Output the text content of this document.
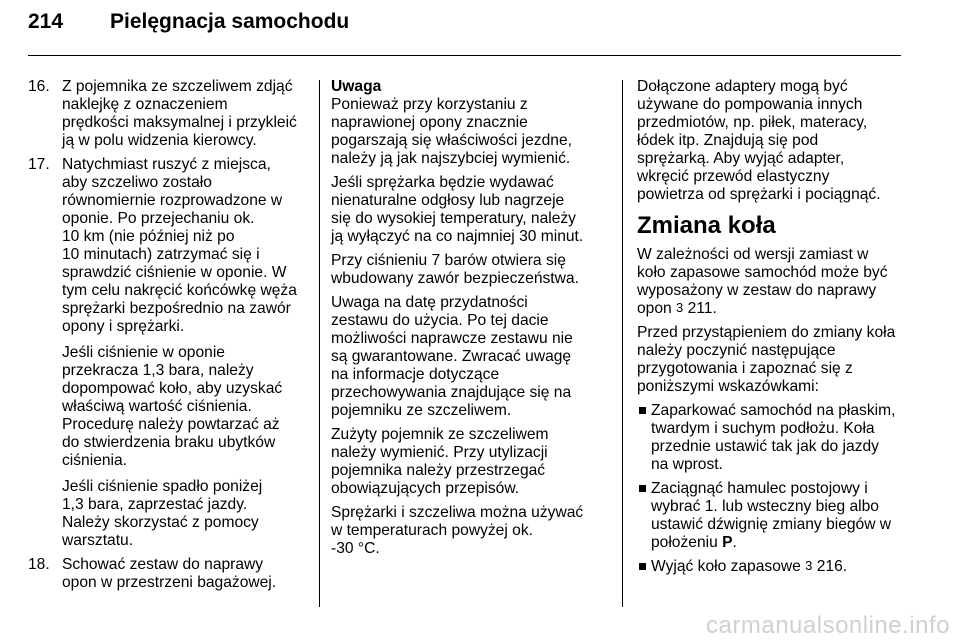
214 Pielęgnacja samochodu
16. Z pojemnika ze szczeliwem zdjąć
naklejkę z oznaczeniem
prędkości maksymalnej i przykleić
ją w polu widzenia kierowcy.
17. Natychmiast ruszyć z miejsca,
aby szczeliwo zostało
równomiernie rozprowadzone w
oponie. Po przejechaniu ok.
10 km (nie później niż po
10 minutach) zatrzymać się i
sprawdzić ciśnienie w oponie. W
tym celu nakręcić końcówkę węża
sprężarki bezpośrednio na zawór
opony i sprężarki.
Jeśli ciśnienie w oponie
przekracza 1,3 bara, należy
dopompować koło, aby uzyskać
właściwą wartość ciśnienia.
Procedurę należy powtarzać aż
do stwierdzenia braku ubytków
ciśnienia.
Jeśli ciśnienie spadło poniżej
1,3 bara, zaprzestać jazdy.
Należy skorzystać z pomocy
warsztatu.
18. Schować zestaw do naprawy
opon w przestrzeni bagażowej.
Uwaga

Ponieważ przy korzystaniu z
naprawionej opony znacznie
pogarszają się właściwości jezdne,
należy ją jak najszybciej wymienić.

Jeśli sprężarka będzie wydawać
nienaturalne odgłosy lub nagrzeje
się do wysokiej temperatury, należy
ją wyłączyć na co najmniej 30 minut.

Przy ciśnieniu 7 barów otwiera się
wbudowany zawór bezpieczeństwa.

Uwaga na datę przydatności
zestawu do użycia. Po tej dacie
możliwości naprawcze zestawu nie
są gwarantowane. Zwracać uwagę
na informacje dotyczące
przechowywania znajdujące się na
pojemniku ze szczeliwem.

Zużyty pojemnik ze szczeliwem
należy wymienić. Przy utylizacji
pojemnika należy przestrzegać
obowiązujących przepisów.

Sprężarki i szczeliwa można używać
w temperaturach powyżej ok.
-30 °C.

Dołączone adaptery mogą być
używane do pompowania innych
przedmiotów, np. piłek, materacy,
łódek itp. Znajdują się pod
sprężarką. Aby wyjąć adapter,
wkręcić przewód elastyczny
powietrza od sprężarki i pociągnąć.

Zmiana koła

W zależności od wersji zamiast w
koło zapasowe samochód może być
wyposażony w zestaw do naprawy
opon 3 211.

Przed przystąpieniem do zmiany koła
należy poczynić następujące
przygotowania i zapoznać się z
poniższymi wskazówkami:

Zaparkować samochód na płaskim,
twardym i suchym podłożu. Koła
przednie ustawić tak jak do jazdy
na wprost.
Zaciągnąć hamulec postojowy i
wybrać 1. lub wsteczny bieg albo
ustawić dźwignię zmiany biegów w
położeniu P.
Wyjąć koło zapasowe 3 216.
carmanualsonline.info
